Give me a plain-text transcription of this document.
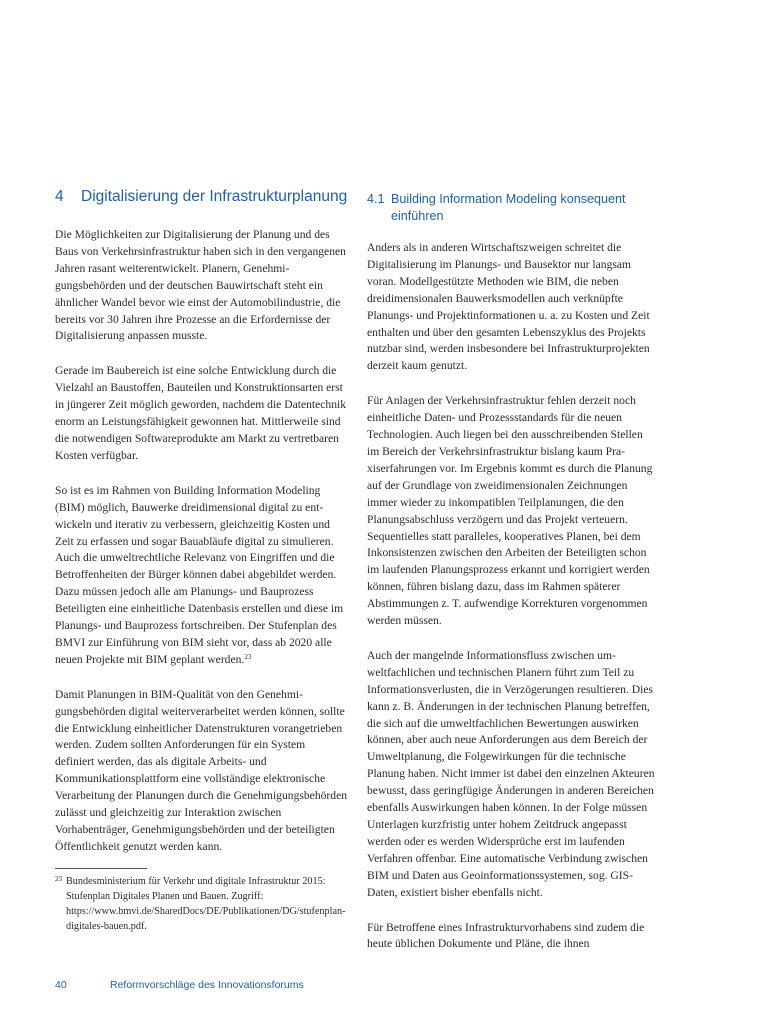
4 Digitalisierung der Infrastrukturplanung	4.1 Building Information Modeling konsequent
einführen

Die Möglichkeiten zur Digitalisierung der Planung und des Baus von Verkehrsinfrastruktur haben sich in den vergangenen Jahren rasant weiterentwickelt. Planern, Genehmigungsbehörden und der deutschen Bauwirtschaft steht ein ähnlicher Wandel bevor wie einst der Automobilindustrie, die bereits vor 30 Jahren ihre Prozesse an die Erfordernisse der Digitalisierung anpassen musste.

Gerade im Baubereich ist eine solche Entwicklung durch die Vielzahl an Baustoffen, Bauteilen und Konstruktionsarten erst in jüngerer Zeit möglich geworden, nachdem die Datentechnik enorm an Leistungsfähigkeit gewonnen hat. Mittlerweile sind die notwendigen Softwareprodukte am Markt zu vertretbaren Kosten verfügbar.

So ist es im Rahmen von Building Information Modeling (BIM) möglich, Bauwerke dreidimensional digital zu entwickeln und iterativ zu verbessern, gleichzeitig Kosten und Zeit zu erfassen und sogar Bauabläufe digital zu simulieren. Auch die umweltrechtliche Relevanz von Eingriffen und die Betroffenheiten der Bürger können dabei abgebildet werden. Dazu müssen jedoch alle am Planungs- und Bauprozess Beteiligten eine einheitliche Datenbasis erstellen und diese im Planungs- und Bauprozess fortschreiben. Der Stufenplan des BMVI zur Einführung von BIM sieht vor, dass ab 2020 alle neuen Projekte mit BIM geplant werden.$^{23}$

Damit Planungen in BIM-Qualität von den Genehmigungsbehörden digital weiterverarbeitet werden können, sollte die Entwicklung einheitlicher Datenstrukturen vorangetrieben werden. Zudem sollten Anforderungen für ein System definiert werden, das als digitale Arbeits- und Kommunikationsplattform eine vollständige elektronische Verarbeitung der Planungen durch die Genehmigungsbehörden zulässt und gleichzeitig zur Interaktion zwischen Vorhabenträger, Genehmigungsbehörden und der beteiligten Öffentlichkeit genutzt werden kann.

Anders als in anderen Wirtschaftszweigen schreitet die Digitalisierung im Planungs- und Bausektor nur langsam voran. Modellgestützte Methoden wie BIM, die neben dreidimensionalen Bauwerksmodellen auch verknüpfte Planungs- und Projektinformationen u. a. zu Kosten und Zeit enthalten und über den gesamten Lebenszyklus des Projekts nutzbar sind, werden insbesondere bei Infrastrukturprojekten derzeit kaum genutzt.

Für Anlagen der Verkehrsinfrastruktur fehlen derzeit noch einheitliche Daten- und Prozessstandards für die neuen Technologien. Auch liegen bei den ausschreibenden Stellen im Bereich der Verkehrsinfrastruktur bislang kaum Praxiserfahrungen vor. Im Ergebnis kommt es durch die Planung auf der Grundlage von zweidimensionalen Zeichnungen immer wieder zu inkompatiblen Teilplanungen, die den Planungsabschluss verzögern und das Projekt verteuern. Sequentielles statt paralleles, kooperatives Planen, bei dem Inkonsistenzen zwischen den Arbeiten der Beteiligten schon im laufenden Planungsprozess erkannt und korrigiert werden können, führen bislang dazu, dass im Rahmen späterer Abstimmungen z. T. aufwendige Korrekturen vorgenommen werden müssen.

Auch der mangelnde Informationsfluss zwischen umweltfachlichen und technischen Planern führt zum Teil zu Informationsverlusten, die in Verzögerungen resultieren. Dies kann z. B. Änderungen in der technischen Planung betreffen, die sich auf die umweltfachlichen Bewertungen auswirken können, aber auch neue Anforderungen aus dem Bereich der Umweltplanung, die Folgewirkungen für die technische Planung haben. Nicht immer ist dabei den einzelnen Akteuren bewusst, dass geringfügige Änderungen in anderen Bereichen ebenfalls Auswirkungen haben können. In der Folge müssen Unterlagen kurzfristig unter hohem Zeitdruck angepasst werden oder es werden Widersprüche erst im laufenden Verfahren offenbar. Eine automatische Verbindung zwischen BIM und Daten aus Geoinformationssystemen, sog. GIS-Daten, existiert bisher ebenfalls nicht.

Für Betroffene eines Infrastrukturvorhabens sind zudem die heute üblichen Dokumente und Pläne, die ihnen

23 Bundesministerium für Verkehr und digitale Infrastruktur 2015: Stufenplan Digitales Planen und Bauen. Zugriff: https://www.bmvi.de/SharedDocs/DE/Publikationen/DG/stufenplan-digitales-bauen.pdf.
40	Reformvorschläge des Innovationsforums
